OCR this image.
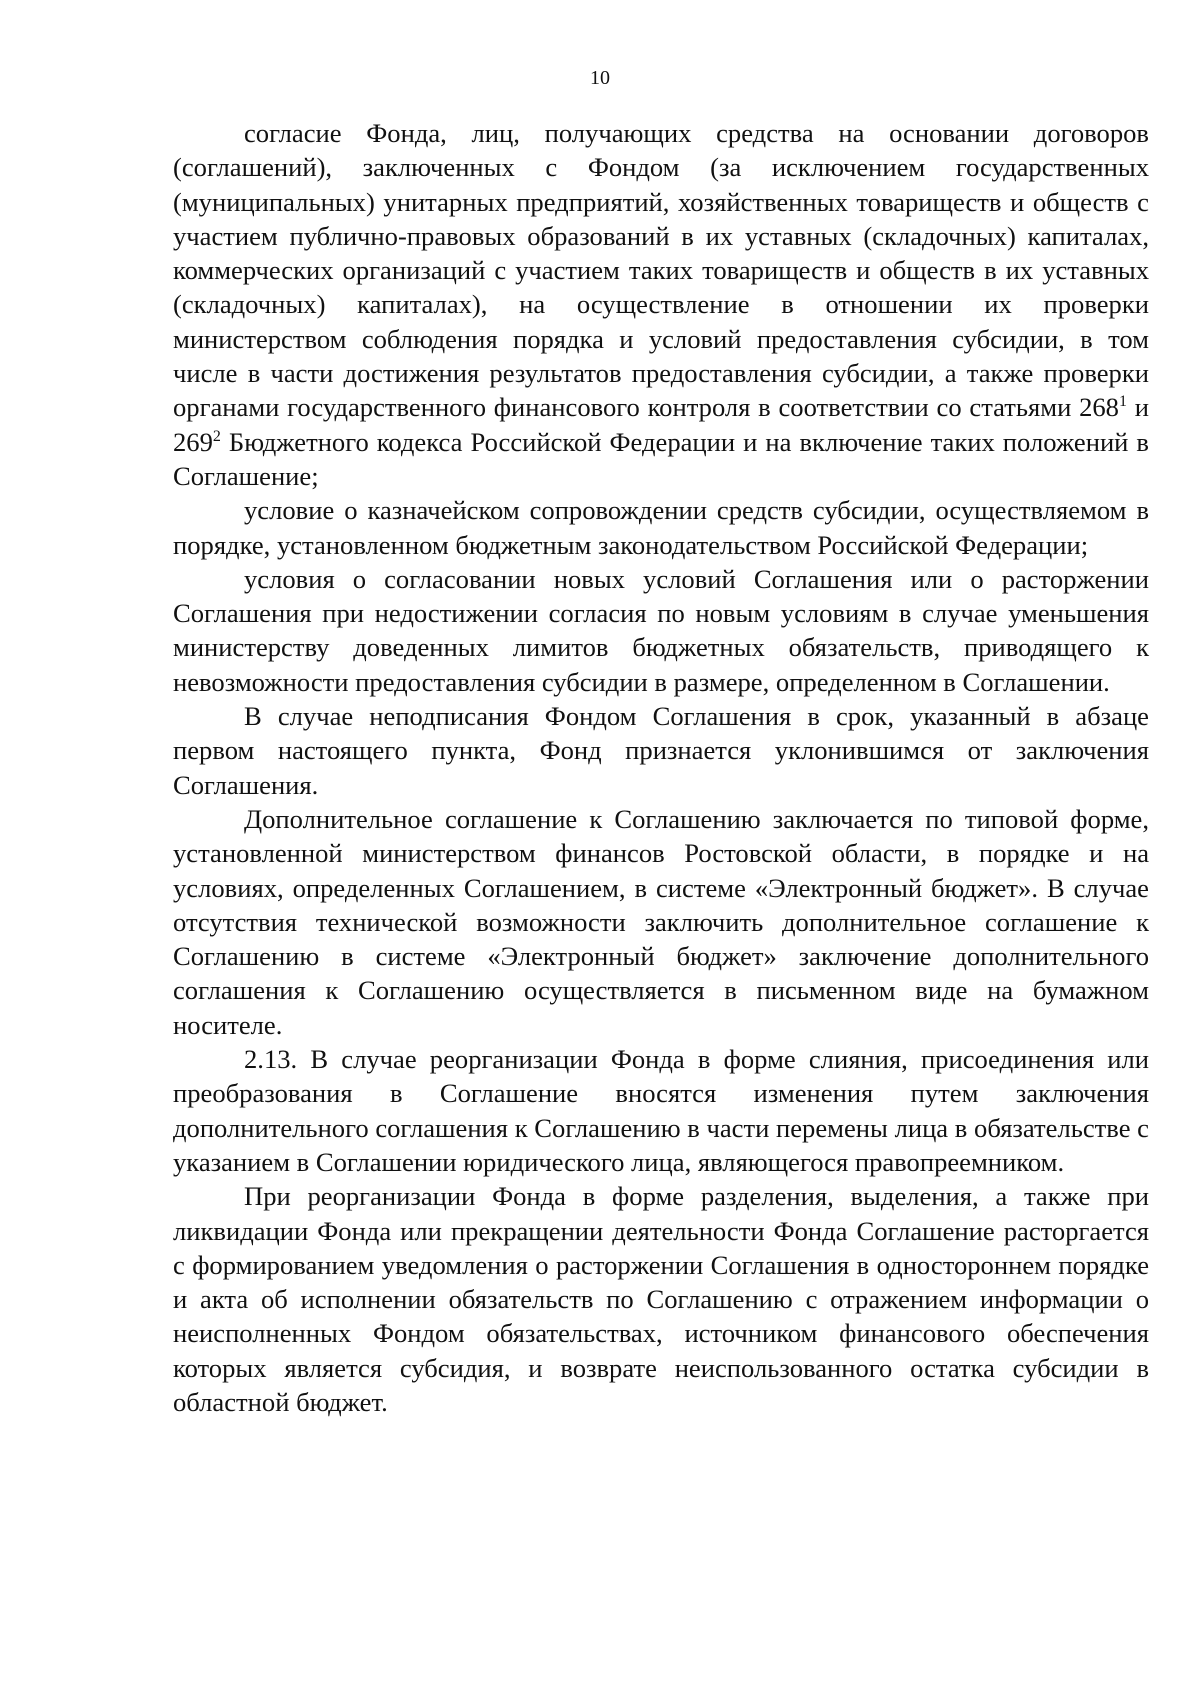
10

согласие Фонда, лиц, получающих средства на основании договоров (соглашений), заключенных с Фондом (за исключением государственных (муниципальных) унитарных предприятий, хозяйственных товариществ и обществ с участием публично-правовых образований в их уставных (складочных) капиталах, коммерческих организаций с участием таких товариществ и обществ в их уставных (складочных) капиталах), на осуществление в отношении их проверки министерством соблюдения порядка и условий предоставления субсидии, в том числе в части достижения результатов предоставления субсидии, а также проверки органами государственного финансового контроля в соответствии со статьями $268^1$ и $269^2$ Бюджетного кодекса Российской Федерации и на включение таких положений в Соглашение;

условие о казначейском сопровождении средств субсидии, осуществляемом в порядке, установленном бюджетным законодательством Российской Федерации;

условия о согласовании новых условий Соглашения или о расторжении Соглашения при недостижении согласия по новым условиям в случае уменьшения министерству доведенных лимитов бюджетных обязательств, приводящего к невозможности предоставления субсидии в размере, определенном в Соглашении.

В случае неподписания Фондом Соглашения в срок, указанный в абзаце первом настоящего пункта, Фонд признается уклонившимся от заключения Соглашения.

Дополнительное соглашение к Соглашению заключается по типовой форме, установленной министерством финансов Ростовской области, в порядке и на условиях, определенных Соглашением, в системе «Электронный бюджет». В случае отсутствия технической возможности заключить дополнительное соглашение к Соглашению в системе «Электронный бюджет» заключение дополнительного соглашения к Соглашению осуществляется в письменном виде на бумажном носителе.

2.13. В случае реорганизации Фонда в форме слияния, присоединения или преобразования в Соглашение вносятся изменения путем заключения дополнительного соглашения к Соглашению в части перемены лица в обязательстве с указанием в Соглашении юридического лица, являющегося правопреемником.

При реорганизации Фонда в форме разделения, выделения, а также при ликвидации Фонда или прекращении деятельности Фонда Соглашение расторгается с формированием уведомления о расторжении Соглашения в одностороннем порядке и акта об исполнении обязательств по Соглашению с отражением информации о неисполненных Фондом обязательствах, источником финансового обеспечения которых является субсидия, и возврате неиспользованного остатка субсидии в областной бюджет.
